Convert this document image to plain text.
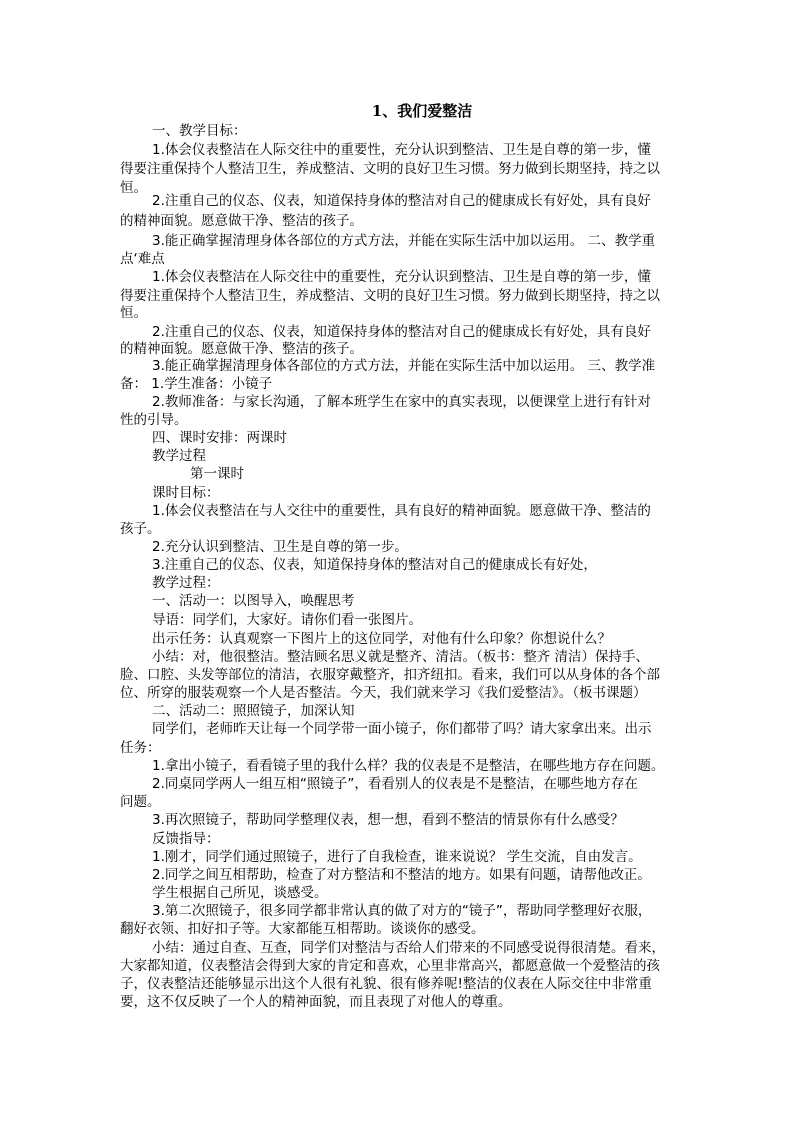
1、我们爱整洁
一、教学目标：
1.体会仪表整洁在人际交往中的重要性，充分认识到整洁、卫生是自尊的第一步，懂
得要注重保持个人整洁卫生，养成整洁、文明的良好卫生习惯。努力做到长期坚持，持之以
恒。
2.注重自己的仪态、仪表，知道保持身体的整洁对自己的健康成长有好处，具有良好
的精神面貌。愿意做干净、整洁的孩子。
3.能正确掌握清理身体各部位的方式方法，并能在实际生活中加以运用。 二、教学重
点‘难点
1.体会仪表整洁在人际交往中的重要性，充分认识到整洁、卫生是自尊的第一步，懂
得要注重保持个人整洁卫生，养成整洁、文明的良好卫生习惯。努力做到长期坚持，持之以
恒。
2.注重自己的仪态、仪表，知道保持身体的整洁对自己的健康成长有好处，具有良好
的精神面貌。愿意做干净、整洁的孩子。
3.能正确掌握清理身体各部位的方式方法，并能在实际生活中加以运用。 三、教学准
备： 1.学生准备：小镜子
2.教师准备：与家长沟通，了解本班学生在家中的真实表现，以便课堂上进行有针对
性的引导。
四、课时安排：两课时
教学过程
第一课时
课时目标：
1.体会仪表整洁在与人交往中的重要性，具有良好的精神面貌。愿意做干净、整洁的
孩子。
2.充分认识到整洁、卫生是自尊的第一步。
3.注重自己的仪态、仪表，知道保持身体的整洁对自己的健康成长有好处，
教学过程：
一、活动一：以图导入，唤醒思考
导语：同学们，大家好。请你们看一张图片。
出示任务：认真观察一下图片上的这位同学，对他有什么印象？你想说什么？
小结：对，他很整洁。整洁顾名思义就是整齐、清洁。（板书：整齐 清洁）保持手、
脸、口腔、头发等部位的清洁，衣服穿戴整齐，扣齐纽扣。看来，我们可以从身体的各个部
位、所穿的服装观察一个人是否整洁。今天，我们就来学习《我们爱整洁》。（板书课题）
二、活动二：照照镜子，加深认知
同学们，老师昨天让每一个同学带一面小镜子，你们都带了吗？请大家拿出来。出示
任务：
1.拿出小镜子，看看镜子里的我什么样？我的仪表是不是整洁，在哪些地方存在问题。
2.同桌同学两人一组互相“照镜子”，看看别人的仪表是不是整洁，在哪些地方存在
问题。
3.再次照镜子，帮助同学整理仪表，想一想，看到不整洁的情景你有什么感受？
反馈指导：
1.刚才，同学们通过照镜子，进行了自我检查，谁来说说？ 学生交流，自由发言。
2.同学之间互相帮助，检查了对方整洁和不整洁的地方。如果有问题，请帮他改正。
学生根据自己所见，谈感受。
3.第二次照镜子，很多同学都非常认真的做了对方的“镜子”，帮助同学整理好衣服，
翻好衣领、扣好扣子等。大家都能互相帮助。谈谈你的感受。
小结：通过自查、互查，同学们对整洁与否给人们带来的不同感受说得很清楚。看来，
大家都知道，仪表整洁会得到大家的肯定和喜欢，心里非常高兴，都愿意做一个爱整洁的孩
子，仪表整洁还能够显示出这个人很有礼貌、很有修养呢!整洁的仪表在人际交往中非常重
要，这不仅反映了一个人的精神面貌，而且表现了对他人的尊重。
